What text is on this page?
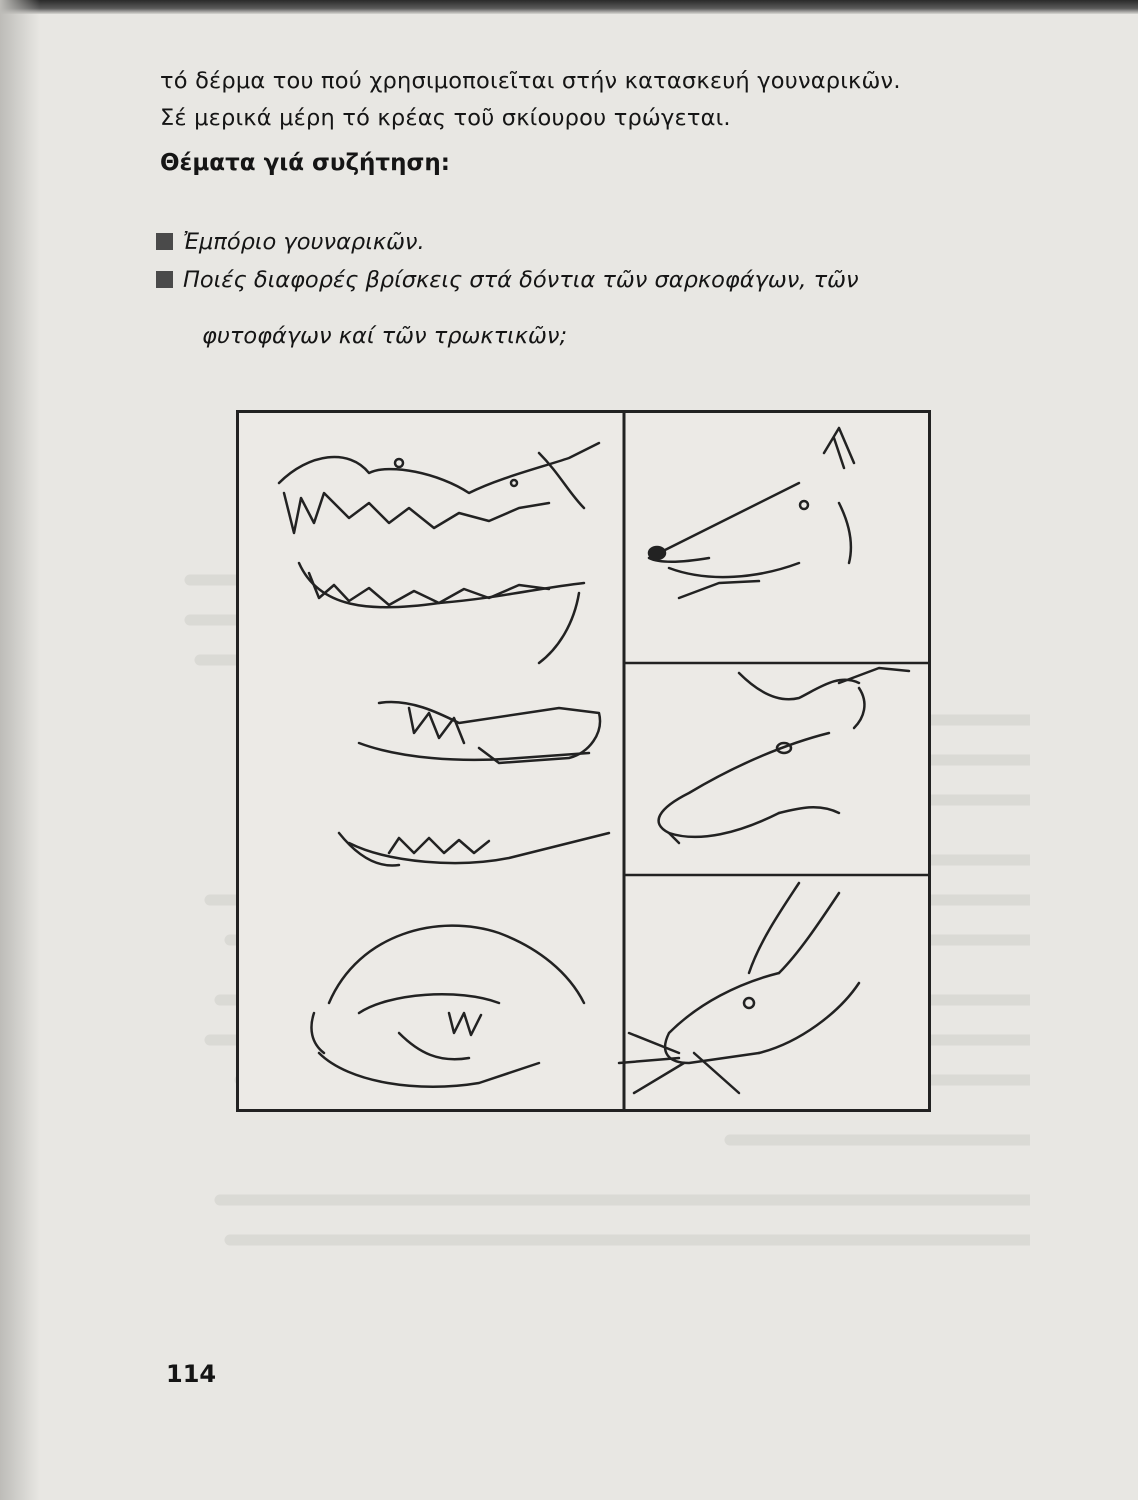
τό δέρμα του πού χρησιμοποιεῖται στήν κατασκευή γουναρικῶν.
Σέ μερικά μέρη τό κρέας τοῦ σκίουρου τρώγεται.
Θέματα γιά συζήτηση:
Ἐμπόριο γουναρικῶν.
Ποιές διαφορές βρίσκεις στά δόντια τῶν σαρκοφάγων, τῶν
φυτοφάγων καί τῶν τρωκτικῶν;
114
